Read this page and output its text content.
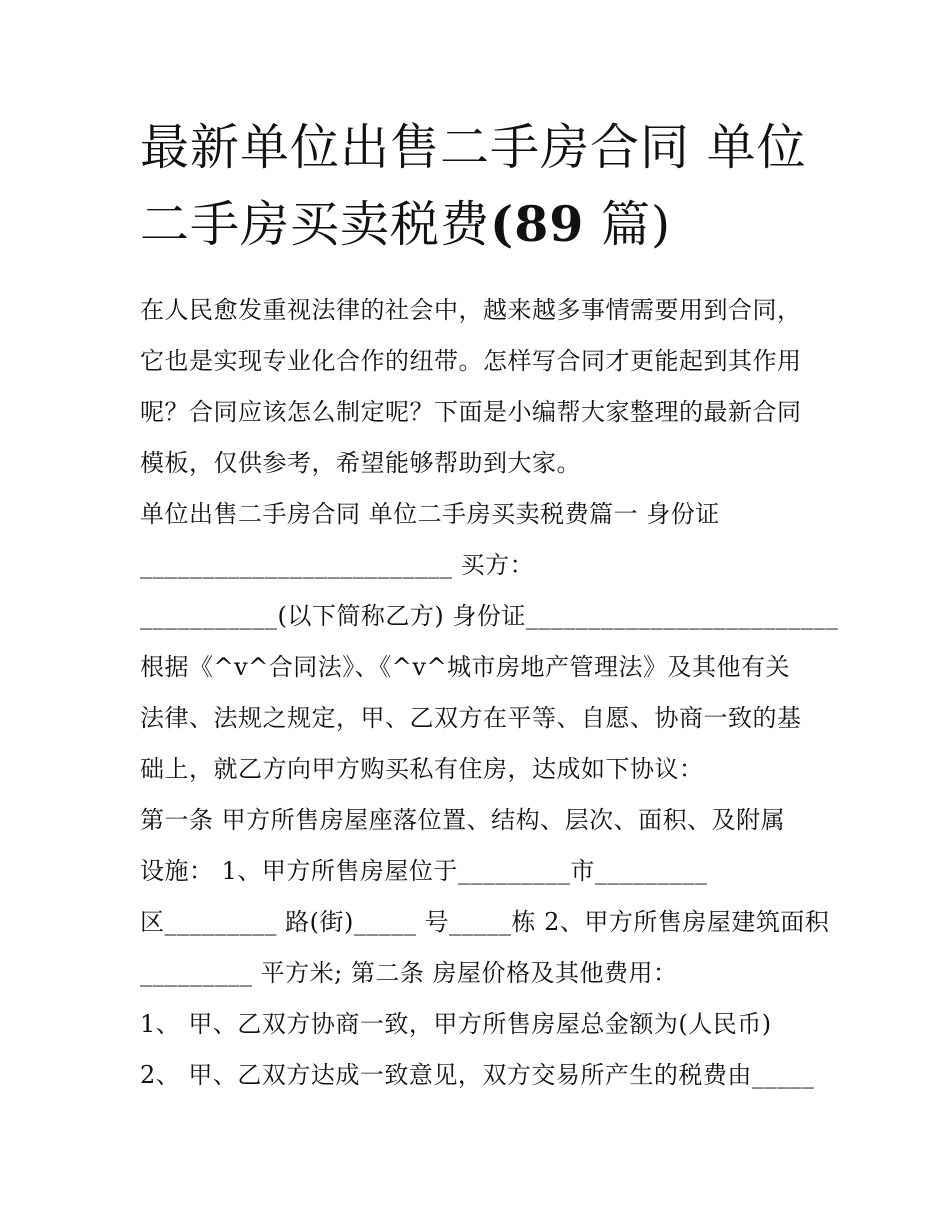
最新单位出售二手房合同 单位
二手房买卖税费(89 篇)
在人民愈发重视法律的社会中，越来越多事情需要用到合同，
它也是实现专业化合作的纽带。怎样写合同才更能起到其作用
呢？合同应该怎么制定呢？下面是小编帮大家整理的最新合同
模板，仅供参考，希望能够帮助到大家。
单位出售二手房合同 单位二手房买卖税费篇一 身份证
_________________________ 买方：
___________(以下简称乙方) 身份证_________________________
根据《^v^合同法》、《^v^城市房地产管理法》及其他有关
法律、法规之规定，甲、乙双方在平等、自愿、协商一致的基
础上，就乙方向甲方购买私有住房，达成如下协议：
第一条 甲方所售房屋座落位置、结构、层次、面积、及附属
设施： 1、甲方所售房屋位于_________市_________
区_________ 路(街)_____ 号_____栋 2、甲方所售房屋建筑面积
_________ 平方米; 第二条 房屋价格及其他费用：
1、 甲、乙双方协商一致，甲方所售房屋总金额为(人民币)
2、 甲、乙双方达成一致意见，双方交易所产生的税费由_____
